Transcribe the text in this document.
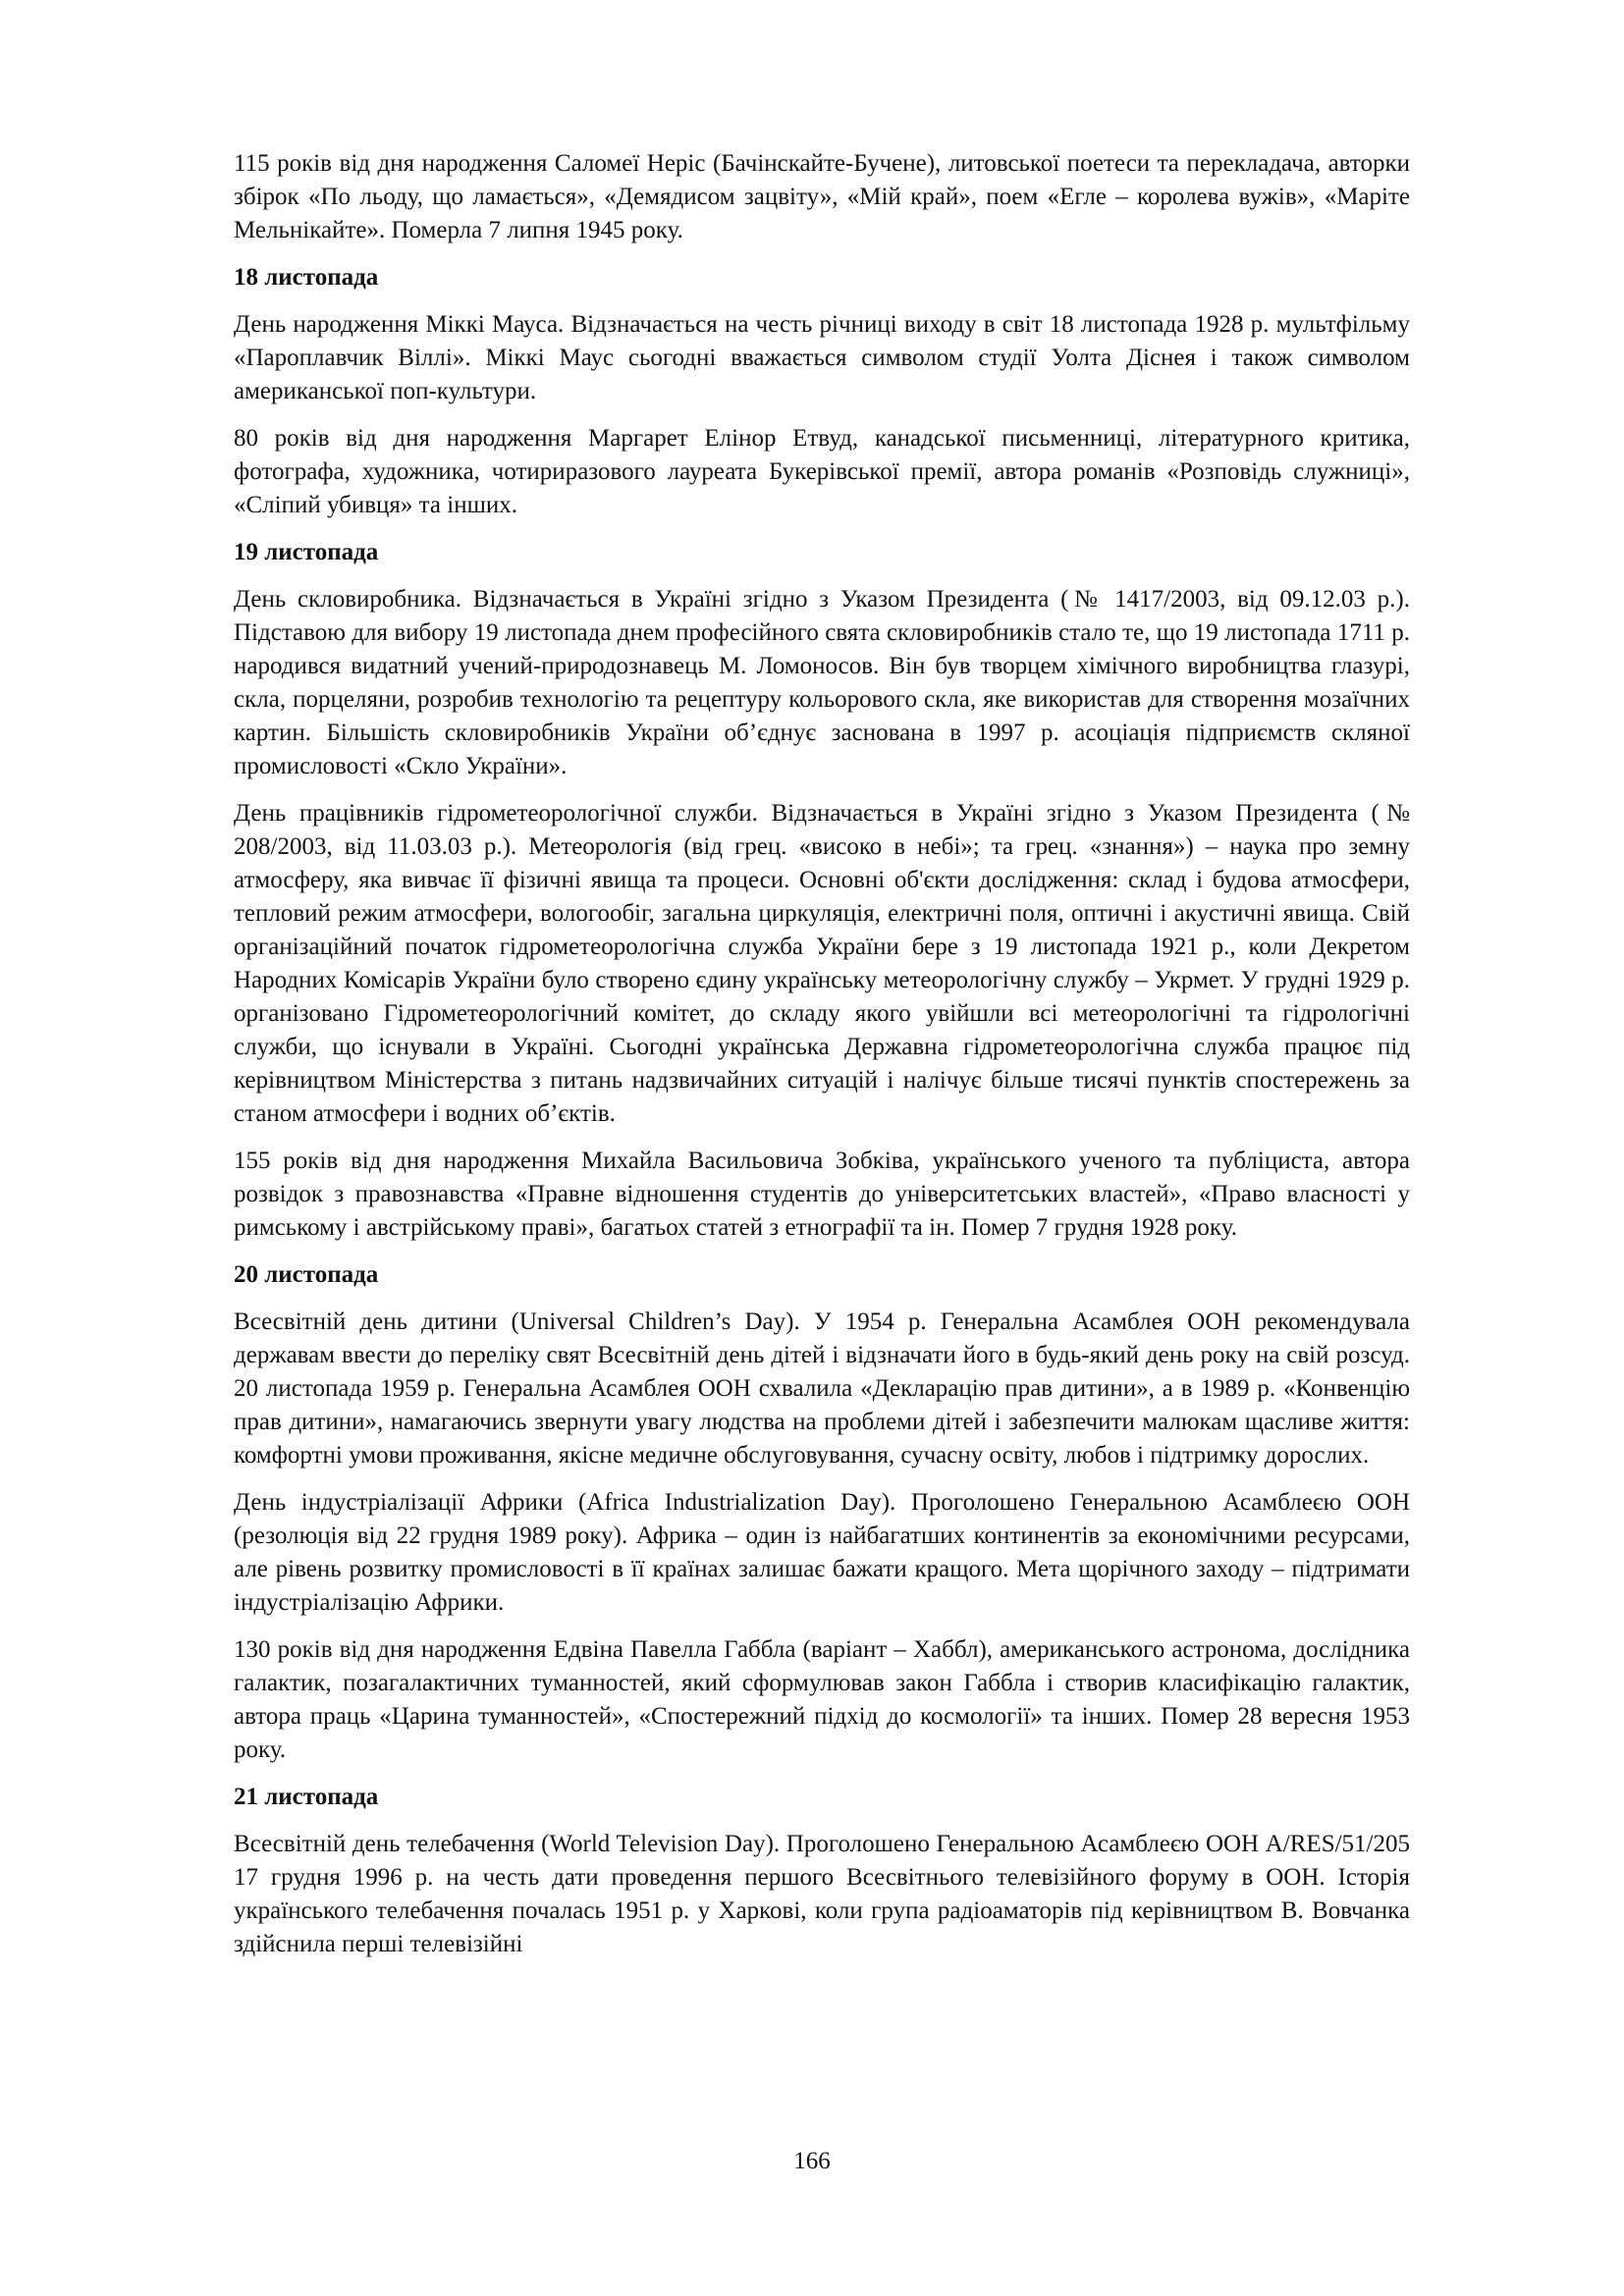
115 років від дня народження Саломеї Неріс (Бачінскайте-Бучене), литовської поетеси та перекладача, авторки збірок «По льоду, що ламається», «Демядисом зацвіту», «Мій край», поем «Егле – королева вужів», «Маріте Мельнікайте». Померла 7 липня 1945 року.

18 листопада

День народження Міккі Мауса. Відзначається на честь річниці виходу в світ 18 листопада 1928 р. мультфільму «Пароплавчик Віллі». Міккі Маус сьогодні вважається символом студії Уолта Діснея і також символом американської поп-культури.

80 років від дня народження Маргарет Елінор Етвуд, канадської письменниці, літературного критика, фотографа, художника, чотириразового лауреата Букерівської премії, автора романів «Розповідь служниці», «Сліпий убивця» та інших.

19 листопада

День скловиробника. Відзначається в Україні згідно з Указом Президента (№ 1417/2003, від 09.12.03 р.). Підставою для вибору 19 листопада днем професійного свята скловиробників стало те, що 19 листопада 1711 р. народився видатний учений-природознавець М. Ломоносов. Він був творцем хімічного виробництва глазурі, скла, порцеляни, розробив технологію та рецептуру кольорового скла, яке використав для створення мозаїчних картин. Більшість скловиробників України об’єднує заснована в 1997 р. асоціація підприємств скляної промисловості «Скло України».

День працівників гідрометеорологічної служби. Відзначається в Україні згідно з Указом Президента (№ 208/2003, від 11.03.03 р.). Метеорологія (від грец. «високо в небі»; та грец. «знання») – наука про земну атмосферу, яка вивчає її фізичні явища та процеси. Основні об'єкти дослідження: склад і будова атмосфери, тепловий режим атмосфери, вологообіг, загальна циркуляція, електричні поля, оптичні і акустичні явища. Свій організаційний початок гідрометеорологічна служба України бере з 19 листопада 1921 р., коли Декретом Народних Комісарів України було створено єдину українську метеорологічну службу – Укрмет. У грудні 1929 р. організовано Гідрометеорологічний комітет, до складу якого увійшли всі метеорологічні та гідрологічні служби, що існували в Україні. Сьогодні українська Державна гідрометеорологічна служба працює під керівництвом Міністерства з питань надзвичайних ситуацій і налічує більше тисячі пунктів спостережень за станом атмосфери і водних об’єктів.

155 років від дня народження Михайла Васильовича Зобківа, українського ученого та публіциста, автора розвідок з правознавства «Правне відношення студентів до університетських властей», «Право власності у римському і австрійському праві», багатьох статей з етнографії та ін. Помер 7 грудня 1928 року.

20 листопада

Всесвітній день дитини (Universal Children’s Day). У 1954 р. Генеральна Асамблея ООН рекомендувала державам ввести до переліку свят Всесвітній день дітей і відзначати його в будь-який день року на свій розсуд. 20 листопада 1959 р. Генеральна Асамблея ООН схвалила «Декларацію прав дитини», а в 1989 р. «Конвенцію прав дитини», намагаючись звернути увагу людства на проблеми дітей і забезпечити малюкам щасливе життя: комфортні умови проживання, якісне медичне обслуговування, сучасну освіту, любов і підтримку дорослих.

День індустріалізації Африки (Africa Industrialization Day). Проголошено Генеральною Асамблеєю ООН (резолюція від 22 грудня 1989 року). Африка – один із найбагатших континентів за економічними ресурсами, але рівень розвитку промисловості в її країнах залишає бажати кращого. Мета щорічного заходу – підтримати індустріалізацію Африки.

130 років від дня народження Едвіна Павелла Габбла (варіант – Хаббл), американського астронома, дослідника галактик, позагалактичних туманностей, який сформулював закон Габбла і створив класифікацію галактик, автора праць «Царина туманностей», «Спостережний підхід до космології» та інших. Помер 28 вересня 1953 року.

21 листопада

Всесвітній день телебачення (World Television Day). Проголошено Генеральною Асамблеєю ООН A/RES/51/205 17 грудня 1996 р. на честь дати проведення першого Всесвітнього телевізійного форуму в ООН. Історія українського телебачення почалась 1951 р. у Харкові, коли група радіоаматорів під керівництвом В. Вовчанка здійснила перші телевізійні

166
